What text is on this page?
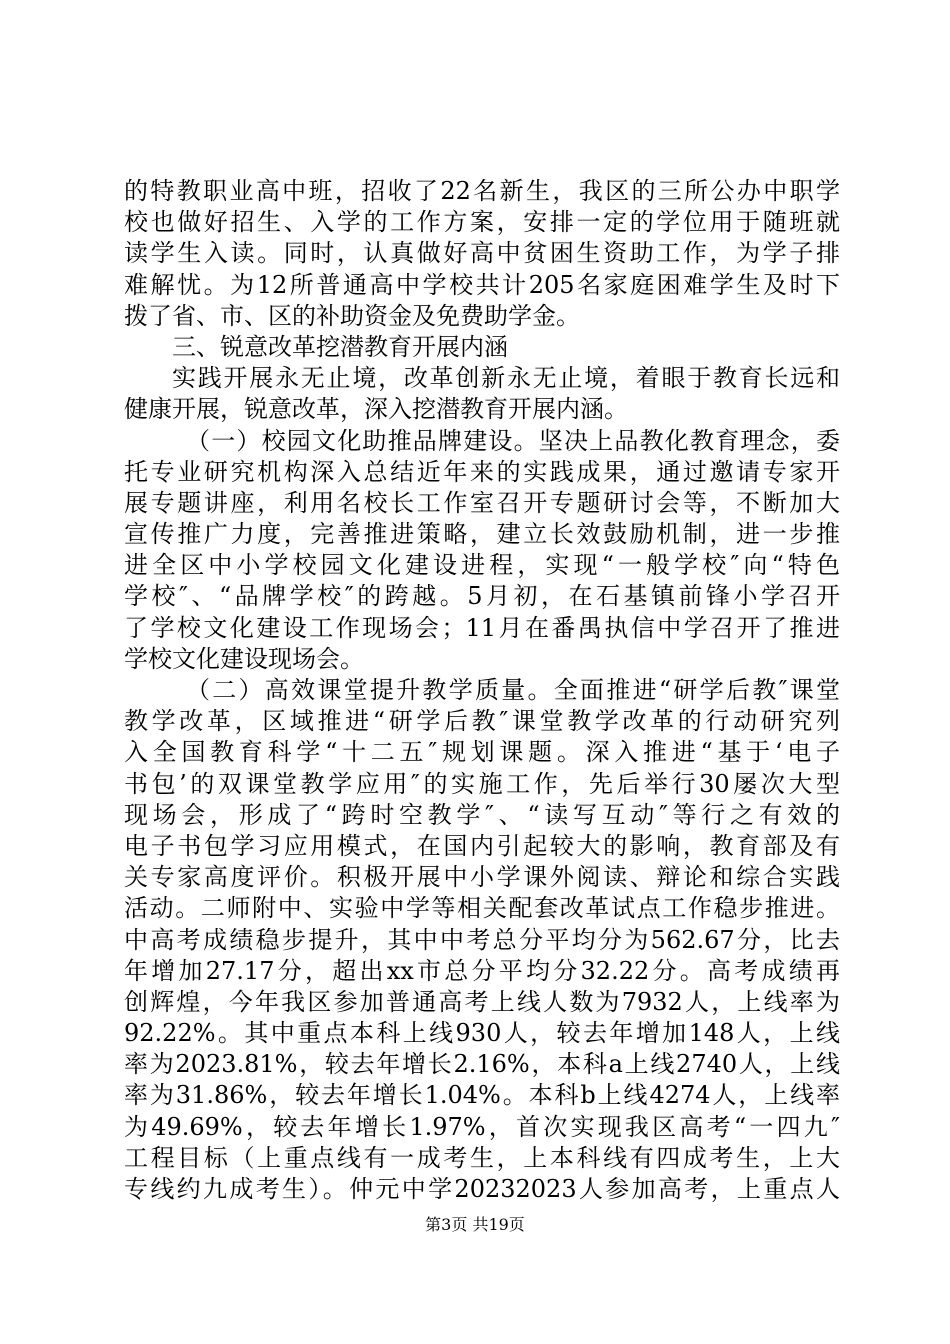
的特教职业高中班，招收了22名新生，我区的三所公办中职学
校也做好招生、入学的工作方案，安排一定的学位用于随班就
读学生入读。同时，认真做好高中贫困生资助工作，为学子排
难解忧。为12所普通高中学校共计205名家庭困难学生及时下
拨了省、市、区的补助资金及免费助学金。
三、锐意改革挖潜教育开展内涵
实践开展永无止境，改革创新永无止境，着眼于教育长远和
健康开展，锐意改革，深入挖潜教育开展内涵。
（一）校园文化助推品牌建设。坚决上品教化教育理念，委
托专业研究机构深入总结近年来的实践成果，通过邀请专家开
展专题讲座，利用名校长工作室召开专题研讨会等，不断加大
宣传推广力度，完善推进策略，建立长效鼓励机制，进一步推
进全区中小学校园文化建设进程，实现“一般学校″向“特色
学校″、“品牌学校″的跨越。5月初，在石基镇前锋小学召开
了学校文化建设工作现场会；11月在番禺执信中学召开了推进
学校文化建设现场会。
（二）高效课堂提升教学质量。全面推进“研学后教″课堂
教学改革，区域推进“研学后教″课堂教学改革的行动研究列
入全国教育科学“十二五″规划课题。深入推进“基于‘电子
书包’的双课堂教学应用″的实施工作，先后举行30屡次大型
现场会，形成了“跨时空教学″、“读写互动″等行之有效的
电子书包学习应用模式，在国内引起较大的影响，教育部及有
关专家高度评价。积极开展中小学课外阅读、辩论和综合实践
活动。二师附中、实验中学等相关配套改革试点工作稳步推进。
中高考成绩稳步提升，其中中考总分平均分为562.67分，比去
年增加27.17分，超出xx市总分平均分32.22分。高考成绩再
创辉煌，今年我区参加普通高考上线人数为7932人，上线率为
92.22%。其中重点本科上线930人，较去年增加148人，上线
率为2023.81%，较去年增长2.16%，本科a上线2740人，上线
率为31.86%，较去年增长1.04%。本科b上线4274人，上线率
为49.69%，较去年增长1.97%，首次实现我区高考“一四九″
工程目标（上重点线有一成考生，上本科线有四成考生，上大
专线约九成考生）。仲元中学20232023人参加高考，上重点人
第3页 共19页
